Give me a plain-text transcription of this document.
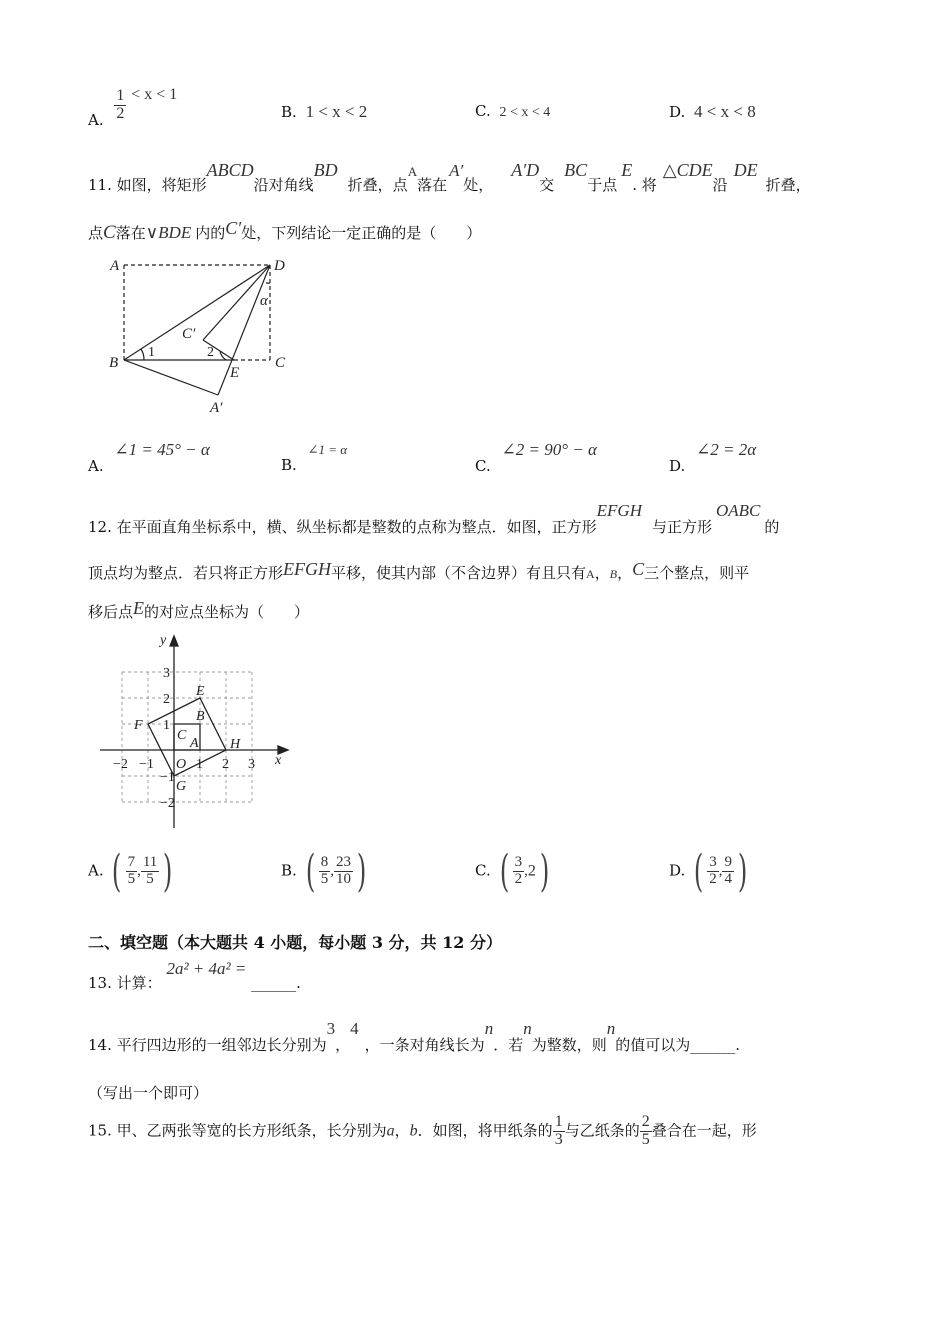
A. $\frac{1}{2} < x < 1$
B. 1 < x < 2	C. 2 < x < 4	D. 4 < x < 8
11. 如图，将矩形ABCD沿对角线BD折叠，点A落在A′处，A′D交BC于点E. 将△CDE沿DE折叠，
点C落在∨BDE 内的C′处，下列结论一定正确的是（　　）
A	D
B	C
E
A′
C′
α
1	2
A. ∠1 = 45° − α
B. ∠1 = α
C. ∠2 = 90° − α
D. ∠2 = 2α
12. 在平面直角坐标系中，横、纵坐标都是整数的点称为整点．如图，正方形EFGH与正方形OABC的
顶点均为整点．若只将正方形EFGH平移，使其内部（不含边界）有且只有A，B，C三个整点，则平
移后点E的对应点坐标为（　　）
−2 −1	1 2 3
3
2
1
−1
−2
O
A
B
C
E
F
G
H
x
y
A. ( $\frac{7}{5}$ , $\frac{11}{5}$ )	B. ( $\frac{8}{5}$ , $\frac{23}{10}$ )	C. ( $\frac{3}{2} ,2$)	D. ( $\frac{3}{2}$ , $\frac{9}{4}$ )
二、填空题（本大题共 4 小题，每小题 3 分，共 12 分）
13. 计算： 2a² + 4a² = ______.
14. 平行四边形的一组邻边长分别为3，4，一条对角线长为n．若n为整数，则n的值可以为______.
（写出一个即可）
15. 甲、乙两张等宽的长方形纸条，长分别为a，b．如图，将甲纸条的 $\frac{1}{3}$ 与乙纸条的 $\frac{2}{5}$ 叠合在一起，形
